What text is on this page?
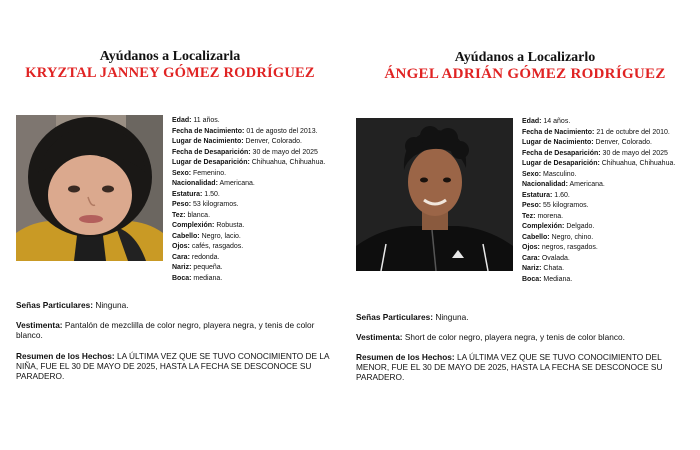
Ayúdanos a Localizarla
KRYZTAL JANNEY GÓMEZ RODRÍGUEZ
Edad: 11 años.
Fecha de Nacimiento: 01 de agosto del 2013.
Lugar de Nacimiento: Denver, Colorado.
Fecha de Desaparición: 30 de mayo del 2025
Lugar de Desaparición: Chihuahua, Chihuahua.
Sexo: Femenino.
Nacionalidad: Americana.
Estatura: 1.50.
Peso: 53 kilogramos.
Tez: blanca.
Complexión: Robusta.
Cabello: Negro, lacio.
Ojos: cafés, rasgados.
Cara: redonda.
Nariz: pequeña.
Boca: mediana.
Señas Particulares: Ninguna.
Vestimenta: Pantalón de mezclilla de color negro, playera negra, y tenis de color blanco.
Resumen de los Hechos: LA ÚLTIMA VEZ QUE SE TUVO CONOCIMIENTO DE LA NIÑA, FUE EL 30 DE MAYO DE 2025, HASTA LA FECHA SE DESCONOCE SU PARADERO.
Ayúdanos a Localizarlo
ÁNGEL ADRIÁN GÓMEZ RODRÍGUEZ
Edad: 14 años.
Fecha de Nacimiento: 21 de octubre del 2010.
Lugar de Nacimiento: Denver, Colorado.
Fecha de Desaparición: 30 de mayo del 2025
Lugar de Desaparición: Chihuahua, Chihuahua.
Sexo: Masculino.
Nacionalidad: Americana.
Estatura: 1.60.
Peso: 55 kilogramos.
Tez: morena.
Complexión: Delgado.
Cabello: Negro, chino.
Ojos: negros, rasgados.
Cara: Ovalada.
Nariz: Chata.
Boca: Mediana.
Señas Particulares: Ninguna.
Vestimenta: Short de color negro, playera negra, y tenis de color blanco.
Resumen de los Hechos: LA ÚLTIMA VEZ QUE SE TUVO CONOCIMIENTO DEL MENOR, FUE EL 30 DE MAYO DE 2025, HASTA LA FECHA SE DESCONOCE SU PARADERO.
